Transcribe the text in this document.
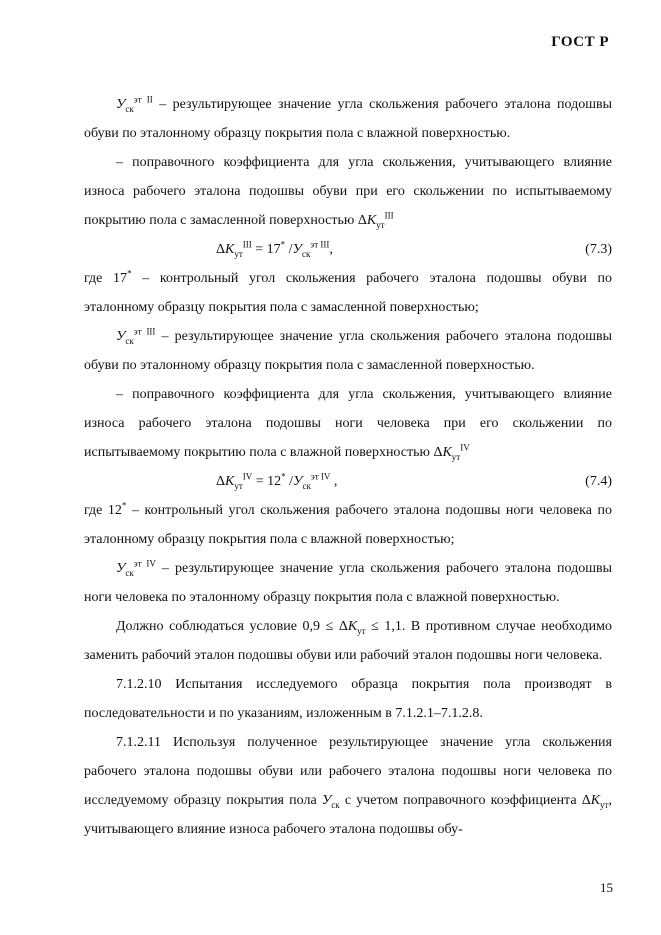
ГОСТ Р

$У_{ск}^{эт II}$ – результирующее значение угла скольжения рабочего эталона подошвы обуви по эталонному образцу покрытия пола с влажной поверхностью.

– поправочного коэффициента для угла скольжения, учитывающего влияние износа рабочего эталона подошвы обуви при его скольжении по испытываемому покрытию пола с замасленной поверхностью $\Delta К_{ут}^{III}$

$\Delta К_{ут}^{III} = 17^*$ $/У_{ск}^{эт III}$,	(7.3)

где 17* – контрольный угол скольжения рабочего эталона подошвы обуви по эталонному образцу покрытия пола с замасленной поверхностью;

$У_{ск}^{эт III}$ – результирующее значение угла скольжения рабочего эталона подошвы обуви по эталонному образцу покрытия пола с замасленной поверхностью.

– поправочного коэффициента для угла скольжения, учитывающего влияние износа рабочего эталона подошвы ноги человека при его скольжении по испытываемому покрытию пола с влажной поверхностью $\Delta К_{ут}^{IV}$

$\Delta К_{ут}^{IV} = 12^*$ $/У_{ск}^{эт IV}$ ,	(7.4)

где 12* – контрольный угол скольжения рабочего эталона подошвы ноги человека по эталонному образцу покрытия пола с влажной поверхностью;

$У_{ск}^{эт IV}$ – результирующее значение угла скольжения рабочего эталона подошвы ноги человека по эталонному образцу покрытия пола с влажной поверхностью.

Должно соблюдаться условие $0,9 \le \Delta К_{ут} \le 1,1$. В противном случае необходимо заменить рабочий эталон подошвы обуви или рабочий эталон подошвы ноги человека.

7.1.2.10 Испытания исследуемого образца покрытия пола производят в последовательности и по указаниям, изложенным в 7.1.2.1–7.1.2.8.

7.1.2.11 Используя полученное результирующее значение угла скольжения рабочего эталона подошвы обуви или рабочего эталона подошвы ноги человека по исследуемому образцу покрытия пола $У_{ск}$ с учетом поправочного коэффициента $\Delta К_{ут}$, учитывающего влияние износа рабочего эталона подошвы обу-

15
